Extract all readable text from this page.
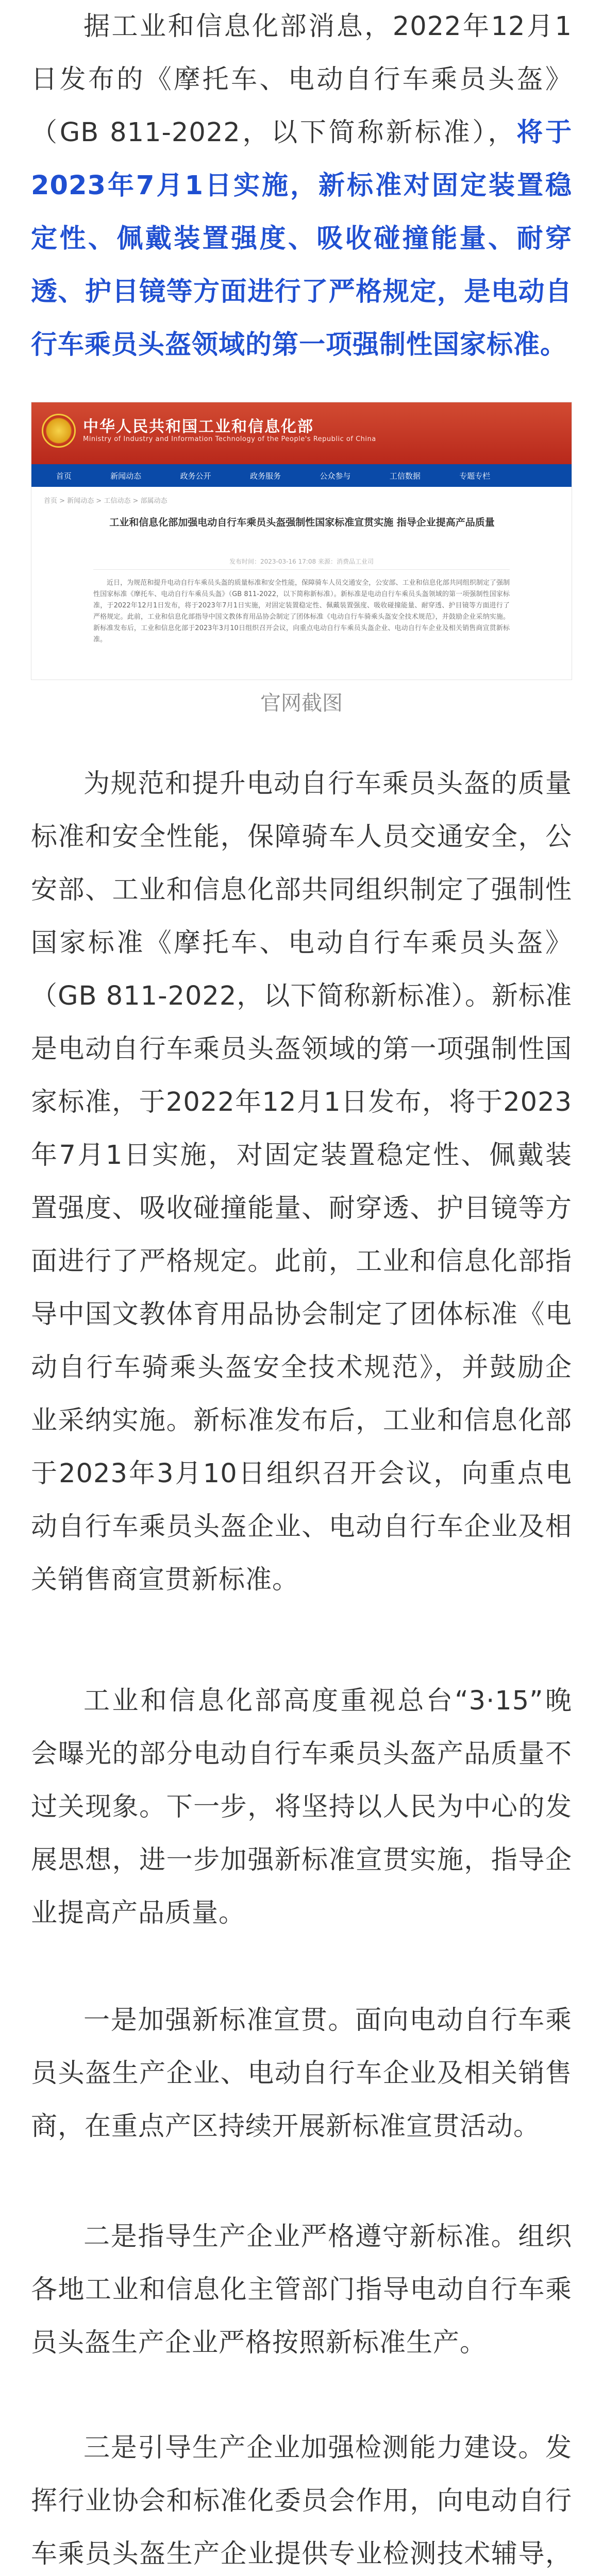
据工业和信息化部消息，2022年12月1日发布的《摩托车、电动自行车乘员头盔》（GB 811-2022，以下简称新标准），将于2023年7月1日实施，新标准对固定装置稳定性、佩戴装置强度、吸收碰撞能量、耐穿透、护目镜等方面进行了严格规定，是电动自行车乘员头盔领域的第一项强制性国家标准。

中华人民共和国工业和信息化部
Ministry of Industry and Information Technology of the People's Republic of China
首页	新闻动态	政务公开	政务服务	公众参与	工信数据	专题专栏
首页 > 新闻动态 > 工信动态 > 部属动态
工业和信息化部加强电动自行车乘员头盔强制性国家标准宣贯实施 指导企业提高产品质量
发布时间：2023-03-16 17:08 来源：消费品工业司
近日，为规范和提升电动自行车乘员头盔的质量标准和安全性能，保障骑车人员交通安全，公安部、工业和信息化部共同组织制定了强制性国家标准《摩托车、电动自行车乘员头盔》（GB 811-2022，以下简称新标准）。新标准是电动自行车乘员头盔领域的第一项强制性国家标准，于2022年12月1日发布，将于2023年7月1日实施，对固定装置稳定性、佩戴装置强度、吸收碰撞能量、耐穿透、护目镜等方面进行了严格规定。此前，工业和信息化部指导中国文教体育用品协会制定了团体标准《电动自行车骑乘头盔安全技术规范》，并鼓励企业采纳实施。新标准发布后，工业和信息化部于2023年3月10日组织召开会议，向重点电动自行车乘员头盔企业、电动自行车企业及相关销售商宣贯新标准。

官网截图

为规范和提升电动自行车乘员头盔的质量标准和安全性能，保障骑车人员交通安全，公安部、工业和信息化部共同组织制定了强制性国家标准《摩托车、电动自行车乘员头盔》（GB 811-2022，以下简称新标准）。新标准是电动自行车乘员头盔领域的第一项强制性国家标准，于2022年12月1日发布，将于2023年7月1日实施，对固定装置稳定性、佩戴装置强度、吸收碰撞能量、耐穿透、护目镜等方面进行了严格规定。此前，工业和信息化部指导中国文教体育用品协会制定了团体标准《电动自行车骑乘头盔安全技术规范》，并鼓励企业采纳实施。新标准发布后，工业和信息化部于2023年3月10日组织召开会议，向重点电动自行车乘员头盔企业、电动自行车企业及相关销售商宣贯新标准。

工业和信息化部高度重视总台“3·15”晚会曝光的部分电动自行车乘员头盔产品质量不过关现象。下一步，将坚持以人民为中心的发展思想，进一步加强新标准宣贯实施，指导企业提高产品质量。

一是加强新标准宣贯。面向电动自行车乘员头盔生产企业、电动自行车企业及相关销售商，在重点产区持续开展新标准宣贯活动。

二是指导生产企业严格遵守新标准。组织各地工业和信息化主管部门指导电动自行车乘员头盔生产企业严格按照新标准生产。

三是引导生产企业加强检测能力建设。发挥行业协会和标准化委员会作用，向电动自行车乘员头盔生产企业提供专业检测技术辅导，
